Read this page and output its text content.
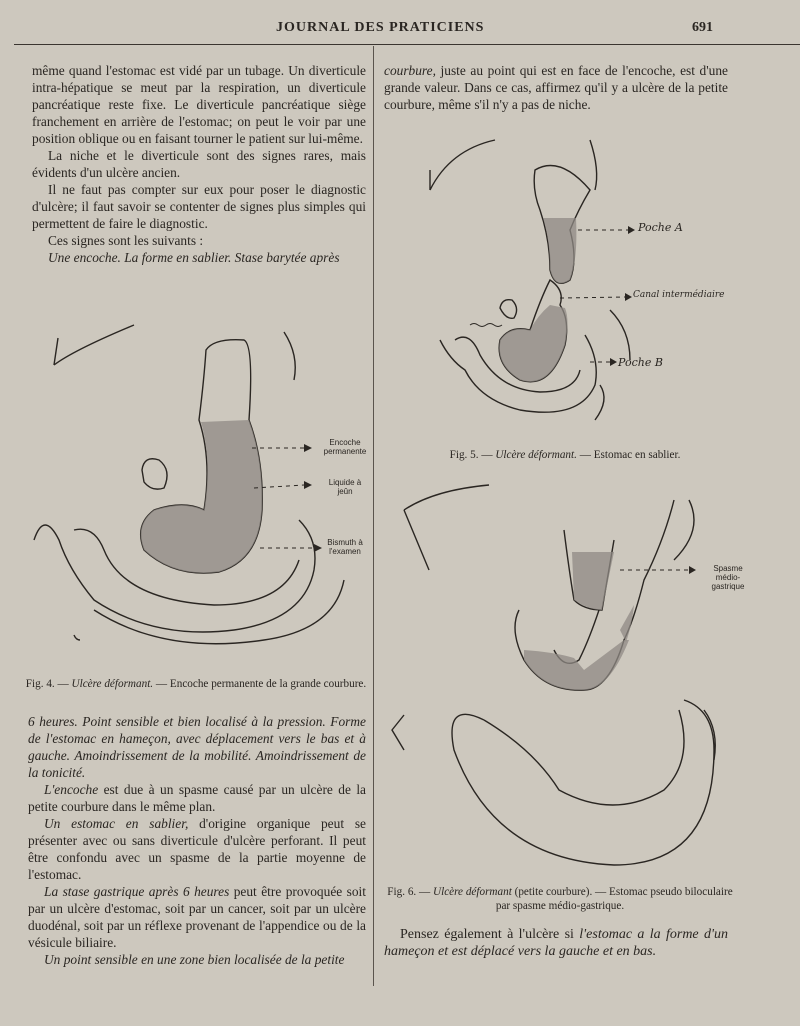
JOURNAL DES PRATICIENS	691

même quand l'estomac est vidé par un tubage. Un diverticule intra-hépatique se meut par la respiration, un diverticule pancréatique reste fixe. Le diverticule pancréatique siège franchement en arrière de l'estomac; on peut le voir par une position oblique ou en faisant tourner le patient sur lui-même.

La niche et le diverticule sont des signes rares, mais évidents d'un ulcère ancien.

Il ne faut pas compter sur eux pour poser le diagnostic d'ulcère; il faut savoir se contenter de signes plus simples qui permettent de faire le diagnostic.

Ces signes sont les suivants :

Une encoche. La forme en sablier. Stase barytée après

Encoche permanente
Liquide à jeûn
Bismuth à l'examen
Fig. 4. — Ulcère déformant. — Encoche permanente de la grande courbure.

6 heures. Point sensible et bien localisé à la pression. Forme de l'estomac en hameçon, avec déplacement vers le bas et à gauche. Amoindrissement de la mobilité. Amoindrissement de la tonicité.

L'encoche est due à un spasme causé par un ulcère de la petite courbure dans le même plan.

Un estomac en sablier, d'origine organique peut se présenter avec ou sans diverticule d'ulcère perforant. Il peut être confondu avec un spasme de la partie moyenne de l'estomac.

La stase gastrique après 6 heures peut être provoquée soit par un ulcère d'estomac, soit par un cancer, soit par un ulcère duodénal, soit par un réflexe provenant de l'appendice ou de la vésicule biliaire.

Un point sensible en une zone bien localisée de la petite

courbure, juste au point qui est en face de l'encoche, est d'une grande valeur. Dans ce cas, affirmez qu'il y a ulcère de la petite courbure, même s'il n'y a pas de niche.

Poche A
Canal intermédiaire
Poche B
Fig. 5. — Ulcère déformant. — Estomac en sablier.
Spasme médio-gastrique
Fig. 6. — Ulcère déformant (petite courbure). — Estomac pseudo biloculaire par spasme médio-gastrique.

Pensez également à l'ulcère si l'estomac a la forme d'un hameçon et est déplacé vers la gauche et en bas.
